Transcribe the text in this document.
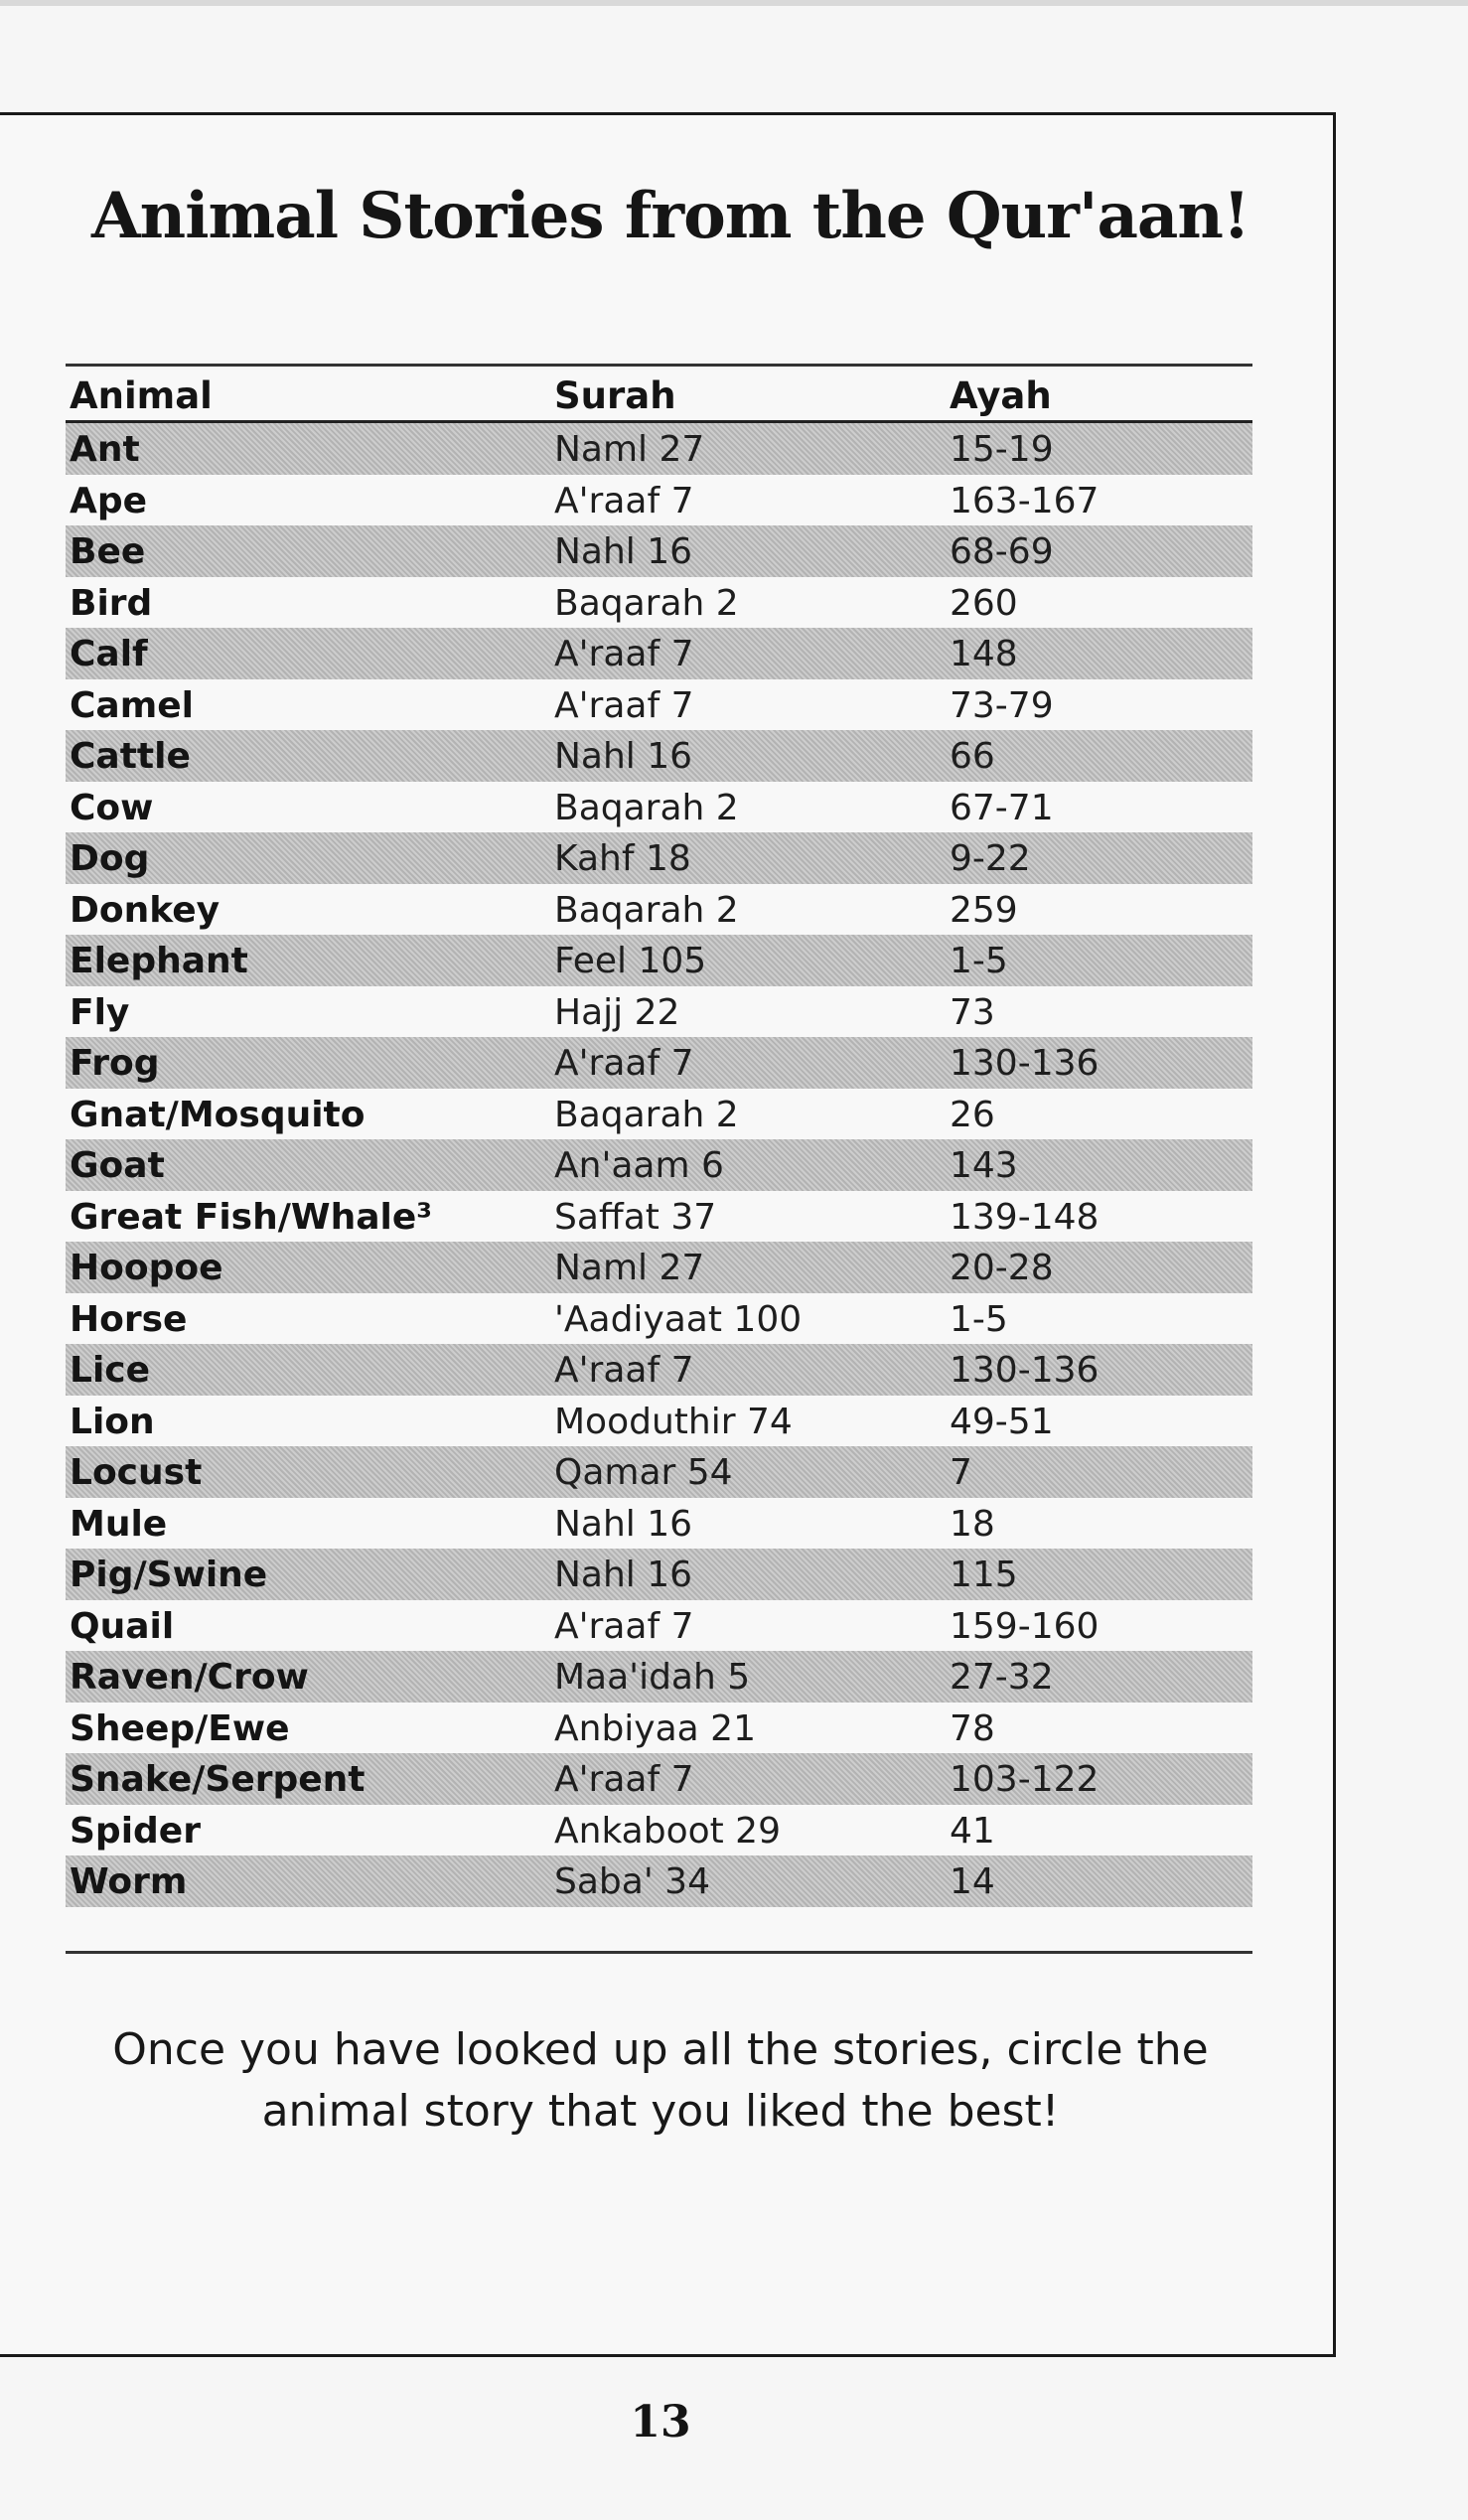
Animal Stories from the Qur'aan!
Animal	Surah	Ayah
Ant	Naml 27	15-19
Ape	A'raaf 7	163-167
Bee	Nahl 16	68-69
Bird	Baqarah 2	260
Calf	A'raaf 7	148
Camel	A'raaf 7	73-79
Cattle	Nahl 16	66
Cow	Baqarah 2	67-71
Dog	Kahf 18	9-22
Donkey	Baqarah 2	259
Elephant	Feel 105	1-5
Fly	Hajj 22	73
Frog	A'raaf 7	130-136
Gnat/Mosquito	Baqarah 2	26
Goat	An'aam 6	143
Great Fish/Whale³	Saffat 37	139-148
Hoopoe	Naml 27	20-28
Horse	'Aadiyaat 100	1-5
Lice	A'raaf 7	130-136
Lion	Mooduthir 74	49-51
Locust	Qamar 54	7
Mule	Nahl 16	18
Pig/Swine	Nahl 16	115
Quail	A'raaf 7	159-160
Raven/Crow	Maa'idah 5	27-32
Sheep/Ewe	Anbiyaa 21	78
Snake/Serpent	A'raaf 7	103-122
Spider	Ankaboot 29	41
Worm	Saba' 34	14
Once you have looked up all the stories, circle the animal story that you liked the best!
13
